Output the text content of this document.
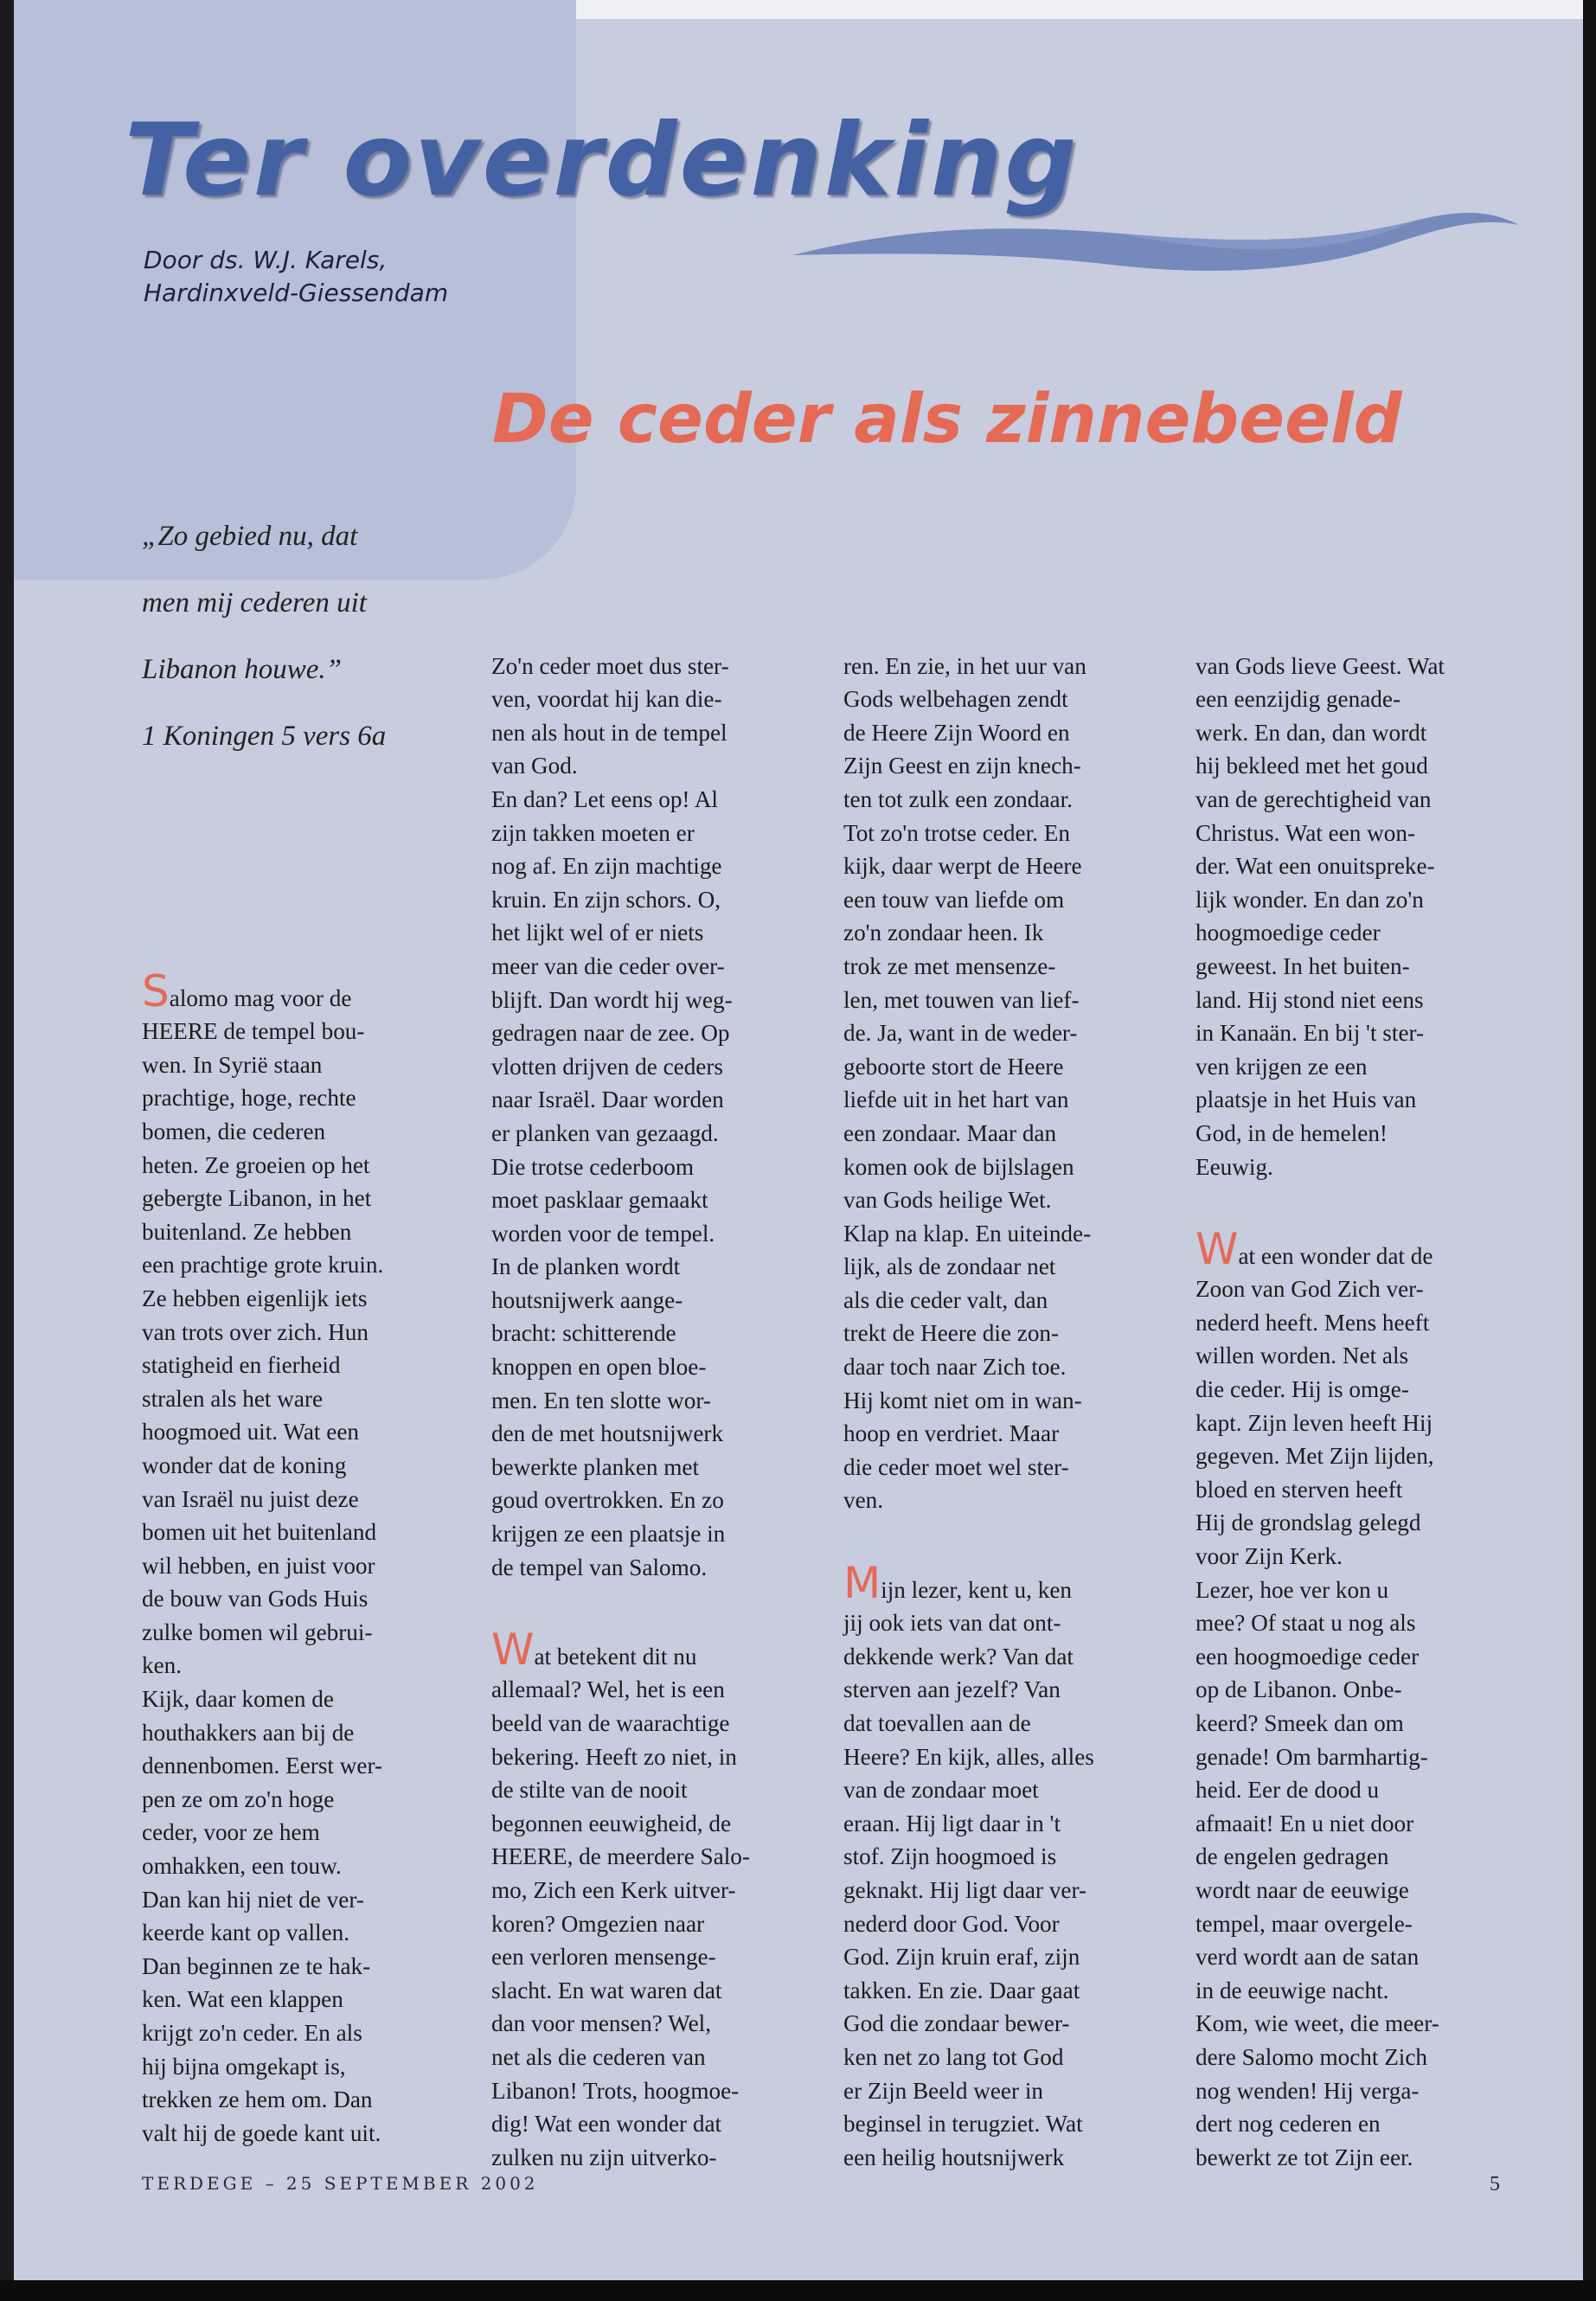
Ter overdenking
Door ds. W.J. Karels,
Hardinxveld-Giessendam
De ceder als zinnebeeld
„Zo gebied nu, dat
men mij cederen uit
Libanon houwe.”
1 Koningen 5 vers 6a

Salomo mag voor de
HEERE de tempel bou-
wen. In Syrië staan
prachtige, hoge, rechte
bomen, die cederen
heten. Ze groeien op het
gebergte Libanon, in het
buitenland. Ze hebben
een prachtige grote kruin.
Ze hebben eigenlijk iets
van trots over zich. Hun
statigheid en fierheid
stralen als het ware
hoogmoed uit. Wat een
wonder dat de koning
van Israël nu juist deze
bomen uit het buitenland
wil hebben, en juist voor
de bouw van Gods Huis
zulke bomen wil gebrui-
ken.
Kijk, daar komen de
houthakkers aan bij de
dennenbomen. Eerst wer-
pen ze om zo'n hoge
ceder, voor ze hem
omhakken, een touw.
Dan kan hij niet de ver-
keerde kant op vallen.
Dan beginnen ze te hak-
ken. Wat een klappen
krijgt zo'n ceder. En als
hij bijna omgekapt is,
trekken ze hem om. Dan
valt hij de goede kant uit.

Zo'n ceder moet dus ster-
ven, voordat hij kan die-
nen als hout in de tempel
van God.
En dan? Let eens op! Al
zijn takken moeten er
nog af. En zijn machtige
kruin. En zijn schors. O,
het lijkt wel of er niets
meer van die ceder over-
blijft. Dan wordt hij weg-
gedragen naar de zee. Op
vlotten drijven de ceders
naar Israël. Daar worden
er planken van gezaagd.
Die trotse cederboom
moet pasklaar gemaakt
worden voor de tempel.
In de planken wordt
houtsnijwerk aange-
bracht: schitterende
knoppen en open bloe-
men. En ten slotte wor-
den de met houtsnijwerk
bewerkte planken met
goud overtrokken. En zo
krijgen ze een plaatsje in
de tempel van Salomo.

Wat betekent dit nu
allemaal? Wel, het is een
beeld van de waarachtige
bekering. Heeft zo niet, in
de stilte van de nooit
begonnen eeuwigheid, de
HEERE, de meerdere Salo-
mo, Zich een Kerk uitver-
koren? Omgezien naar
een verloren mensenge-
slacht. En wat waren dat
dan voor mensen? Wel,
net als die cederen van
Libanon! Trots, hoogmoe-
dig! Wat een wonder dat
zulken nu zijn uitverko-

ren. En zie, in het uur van
Gods welbehagen zendt
de Heere Zijn Woord en
Zijn Geest en zijn knech-
ten tot zulk een zondaar.
Tot zo'n trotse ceder. En
kijk, daar werpt de Heere
een touw van liefde om
zo'n zondaar heen. Ik
trok ze met mensenze-
len, met touwen van lief-
de. Ja, want in de weder-
geboorte stort de Heere
liefde uit in het hart van
een zondaar. Maar dan
komen ook de bijlslagen
van Gods heilige Wet.
Klap na klap. En uiteinde-
lijk, als de zondaar net
als die ceder valt, dan
trekt de Heere die zon-
daar toch naar Zich toe.
Hij komt niet om in wan-
hoop en verdriet. Maar
die ceder moet wel ster-
ven.

Mijn lezer, kent u, ken
jij ook iets van dat ont-
dekkende werk? Van dat
sterven aan jezelf? Van
dat toevallen aan de
Heere? En kijk, alles, alles
van de zondaar moet
eraan. Hij ligt daar in 't
stof. Zijn hoogmoed is
geknakt. Hij ligt daar ver-
nederd door God. Voor
God. Zijn kruin eraf, zijn
takken. En zie. Daar gaat
God die zondaar bewer-
ken net zo lang tot God
er Zijn Beeld weer in
beginsel in terugziet. Wat
een heilig houtsnijwerk

van Gods lieve Geest. Wat
een eenzijdig genade-
werk. En dan, dan wordt
hij bekleed met het goud
van de gerechtigheid van
Christus. Wat een won-
der. Wat een onuitspreke-
lijk wonder. En dan zo'n
hoogmoedige ceder
geweest. In het buiten-
land. Hij stond niet eens
in Kanaän. En bij 't ster-
ven krijgen ze een
plaatsje in het Huis van
God, in de hemelen!
Eeuwig.

Wat een wonder dat de
Zoon van God Zich ver-
nederd heeft. Mens heeft
willen worden. Net als
die ceder. Hij is omge-
kapt. Zijn leven heeft Hij
gegeven. Met Zijn lijden,
bloed en sterven heeft
Hij de grondslag gelegd
voor Zijn Kerk.
Lezer, hoe ver kon u
mee? Of staat u nog als
een hoogmoedige ceder
op de Libanon. Onbe-
keerd? Smeek dan om
genade! Om barmhartig-
heid. Eer de dood u
afmaait! En u niet door
de engelen gedragen
wordt naar de eeuwige
tempel, maar overgele-
verd wordt aan de satan
in de eeuwige nacht.
Kom, wie weet, die meer-
dere Salomo mocht Zich
nog wenden! Hij verga-
dert nog cederen en
bewerkt ze tot Zijn eer.

TERDEGE – 25 SEPTEMBER 2002	5
